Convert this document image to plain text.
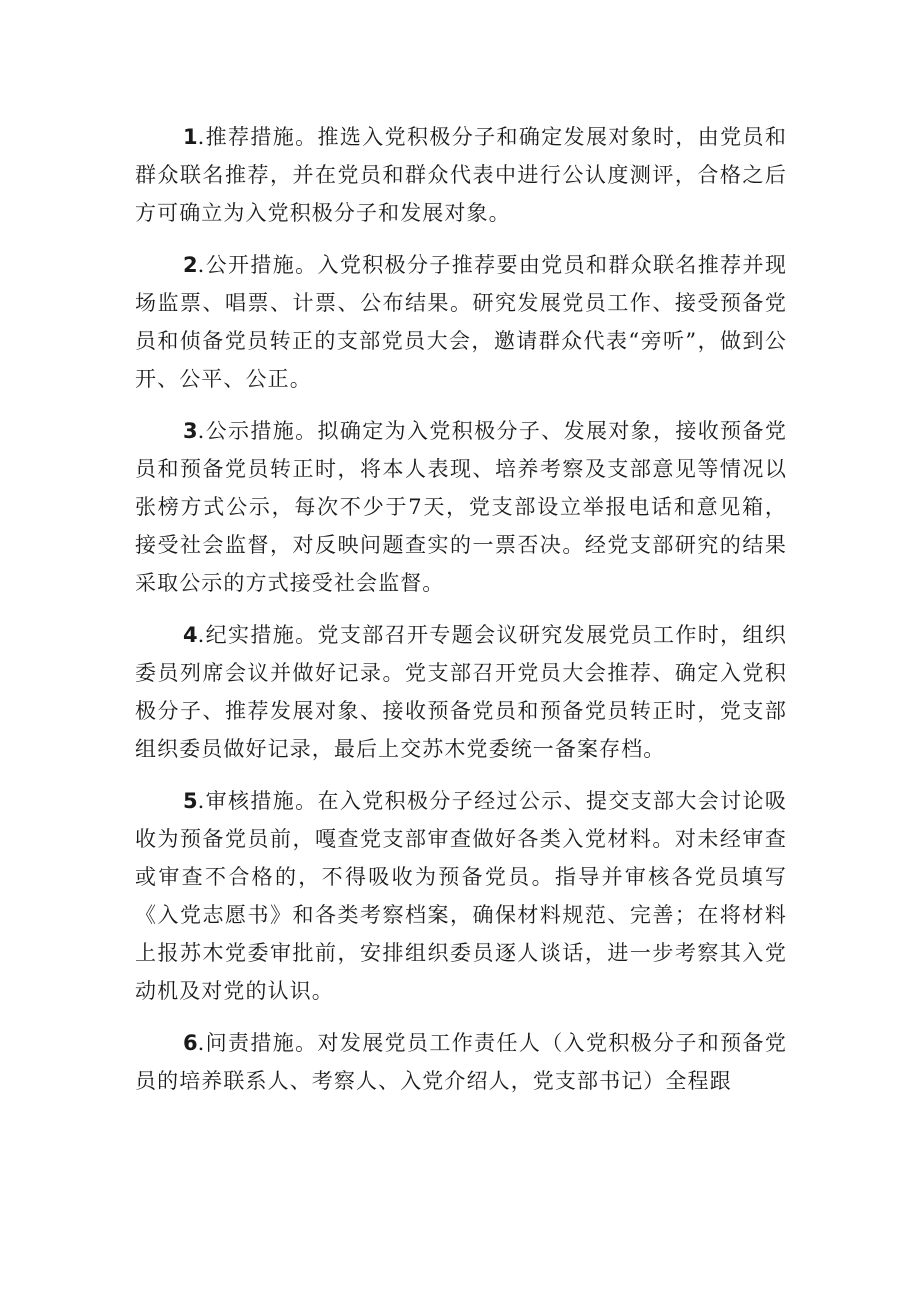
1.推荐措施。推选入党积极分子和确定发展对象时，由党员和群众联名推荐，并在党员和群众代表中进行公认度测评，合格之后方可确立为入党积极分子和发展对象。

2.公开措施。入党积极分子推荐要由党员和群众联名推荐并现场监票、唱票、计票、公布结果。研究发展党员工作、接受预备党员和侦备党员转正的支部党员大会，邀请群众代表“旁听”，做到公开、公平、公正。

3.公示措施。拟确定为入党积极分子、发展对象，接收预备党员和预备党员转正时，将本人表现、培养考察及支部意见等情况以张榜方式公示，每次不少于7天，党支部设立举报电话和意见箱，接受社会监督，对反映问题查实的一票否决。经党支部研究的结果采取公示的方式接受社会监督。

4.纪实措施。党支部召开专题会议研究发展党员工作时，组织委员列席会议并做好记录。党支部召开党员大会推荐、确定入党积极分子、推荐发展对象、接收预备党员和预备党员转正时，党支部组织委员做好记录，最后上交苏木党委统一备案存档。

5.审核措施。在入党积极分子经过公示、提交支部大会讨论吸收为预备党员前，嘎查党支部审查做好各类入党材料。对未经审查或审查不合格的，不得吸收为预备党员。指导并审核各党员填写《入党志愿书》和各类考察档案，确保材料规范、完善；在将材料上报苏木党委审批前，安排组织委员逐人谈话，进一步考察其入党动机及对党的认识。

6.问责措施。对发展党员工作责任人（入党积极分子和预备党员的培养联系人、考察人、入党介绍人，党支部书记）全程跟
